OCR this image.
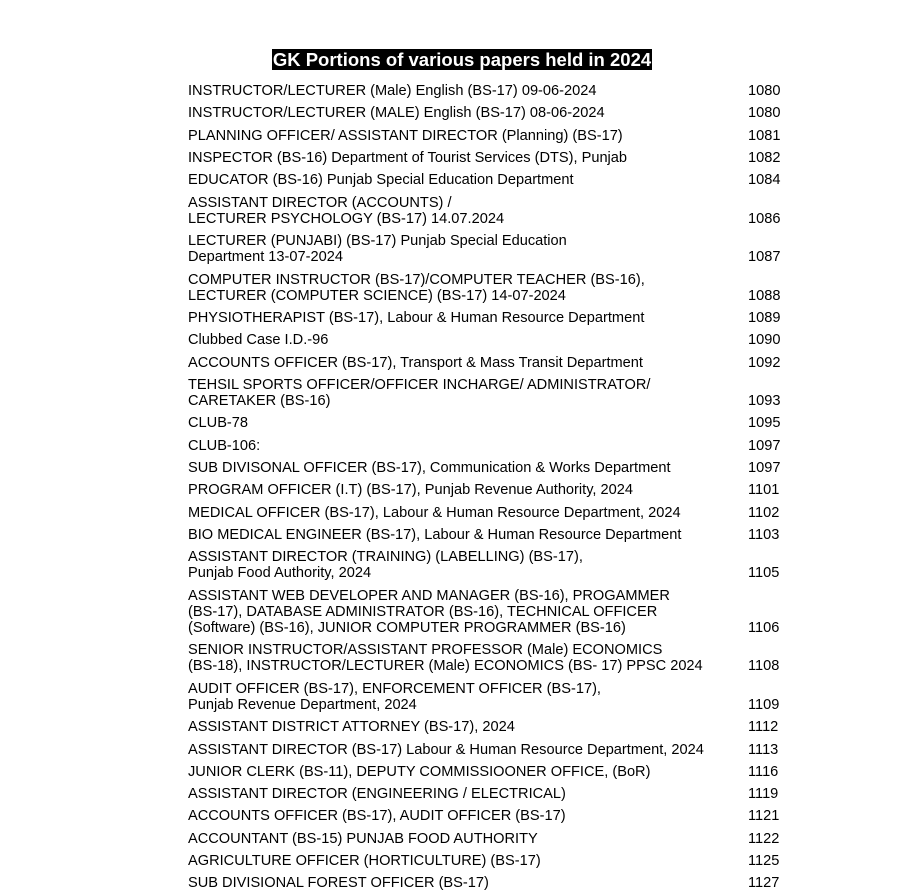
GK Portions of various papers held in 2024
INSTRUCTOR/LECTURER (Male) English (BS-17) 09-06-2024	1080
INSTRUCTOR/LECTURER (MALE) English (BS-17) 08-06-2024	1080
PLANNING OFFICER/ ASSISTANT DIRECTOR (Planning) (BS-17)	1081
INSPECTOR (BS-16) Department of Tourist Services (DTS), Punjab	1082
EDUCATOR (BS-16) Punjab Special Education Department	1084
ASSISTANT DIRECTOR (ACCOUNTS) /
LECTURER PSYCHOLOGY (BS-17) 14.07.2024	1086
LECTURER (PUNJABI) (BS-17) Punjab Special Education
Department 13-07-2024	1087
COMPUTER INSTRUCTOR (BS-17)/COMPUTER TEACHER (BS-16),
LECTURER (COMPUTER SCIENCE) (BS-17) 14-07-2024	1088
PHYSIOTHERAPIST (BS-17), Labour & Human Resource Department	1089
Clubbed Case I.D.-96	1090
ACCOUNTS OFFICER (BS-17), Transport & Mass Transit Department	1092
TEHSIL SPORTS OFFICER/OFFICER INCHARGE/ ADMINISTRATOR/
CARETAKER (BS-16)	1093
CLUB-78	1095
CLUB-106:	1097
SUB DIVISONAL OFFICER (BS-17), Communication & Works Department	1097
PROGRAM OFFICER (I.T) (BS-17), Punjab Revenue Authority, 2024	1101
MEDICAL OFFICER (BS-17), Labour & Human Resource Department, 2024	1102
BIO MEDICAL ENGINEER (BS-17), Labour & Human Resource Department	1103
ASSISTANT DIRECTOR (TRAINING) (LABELLING) (BS-17),
Punjab Food Authority, 2024	1105
ASSISTANT WEB DEVELOPER AND MANAGER (BS-16), PROGAMMER
(BS-17), DATABASE ADMINISTRATOR (BS-16), TECHNICAL OFFICER
(Software) (BS-16), JUNIOR COMPUTER PROGRAMMER (BS-16)	1106
SENIOR INSTRUCTOR/ASSISTANT PROFESSOR (Male) ECONOMICS
(BS-18), INSTRUCTOR/LECTURER (Male) ECONOMICS (BS- 17) PPSC 2024	1108
AUDIT OFFICER (BS-17), ENFORCEMENT OFFICER (BS-17),
Punjab Revenue Department, 2024	1109
ASSISTANT DISTRICT ATTORNEY (BS-17), 2024	1112
ASSISTANT DIRECTOR (BS-17) Labour & Human Resource Department, 2024	1113
JUNIOR CLERK (BS-11), DEPUTY COMMISSIOONER OFFICE, (BoR)	1116
ASSISTANT DIRECTOR (ENGINEERING / ELECTRICAL)	1119
ACCOUNTS OFFICER (BS-17), AUDIT OFFICER (BS-17)	1121
ACCOUNTANT (BS-15) PUNJAB FOOD AUTHORITY	1122
AGRICULTURE OFFICER (HORTICULTURE) (BS-17)	1125
SUB DIVISIONAL FOREST OFFICER (BS-17)	1127
